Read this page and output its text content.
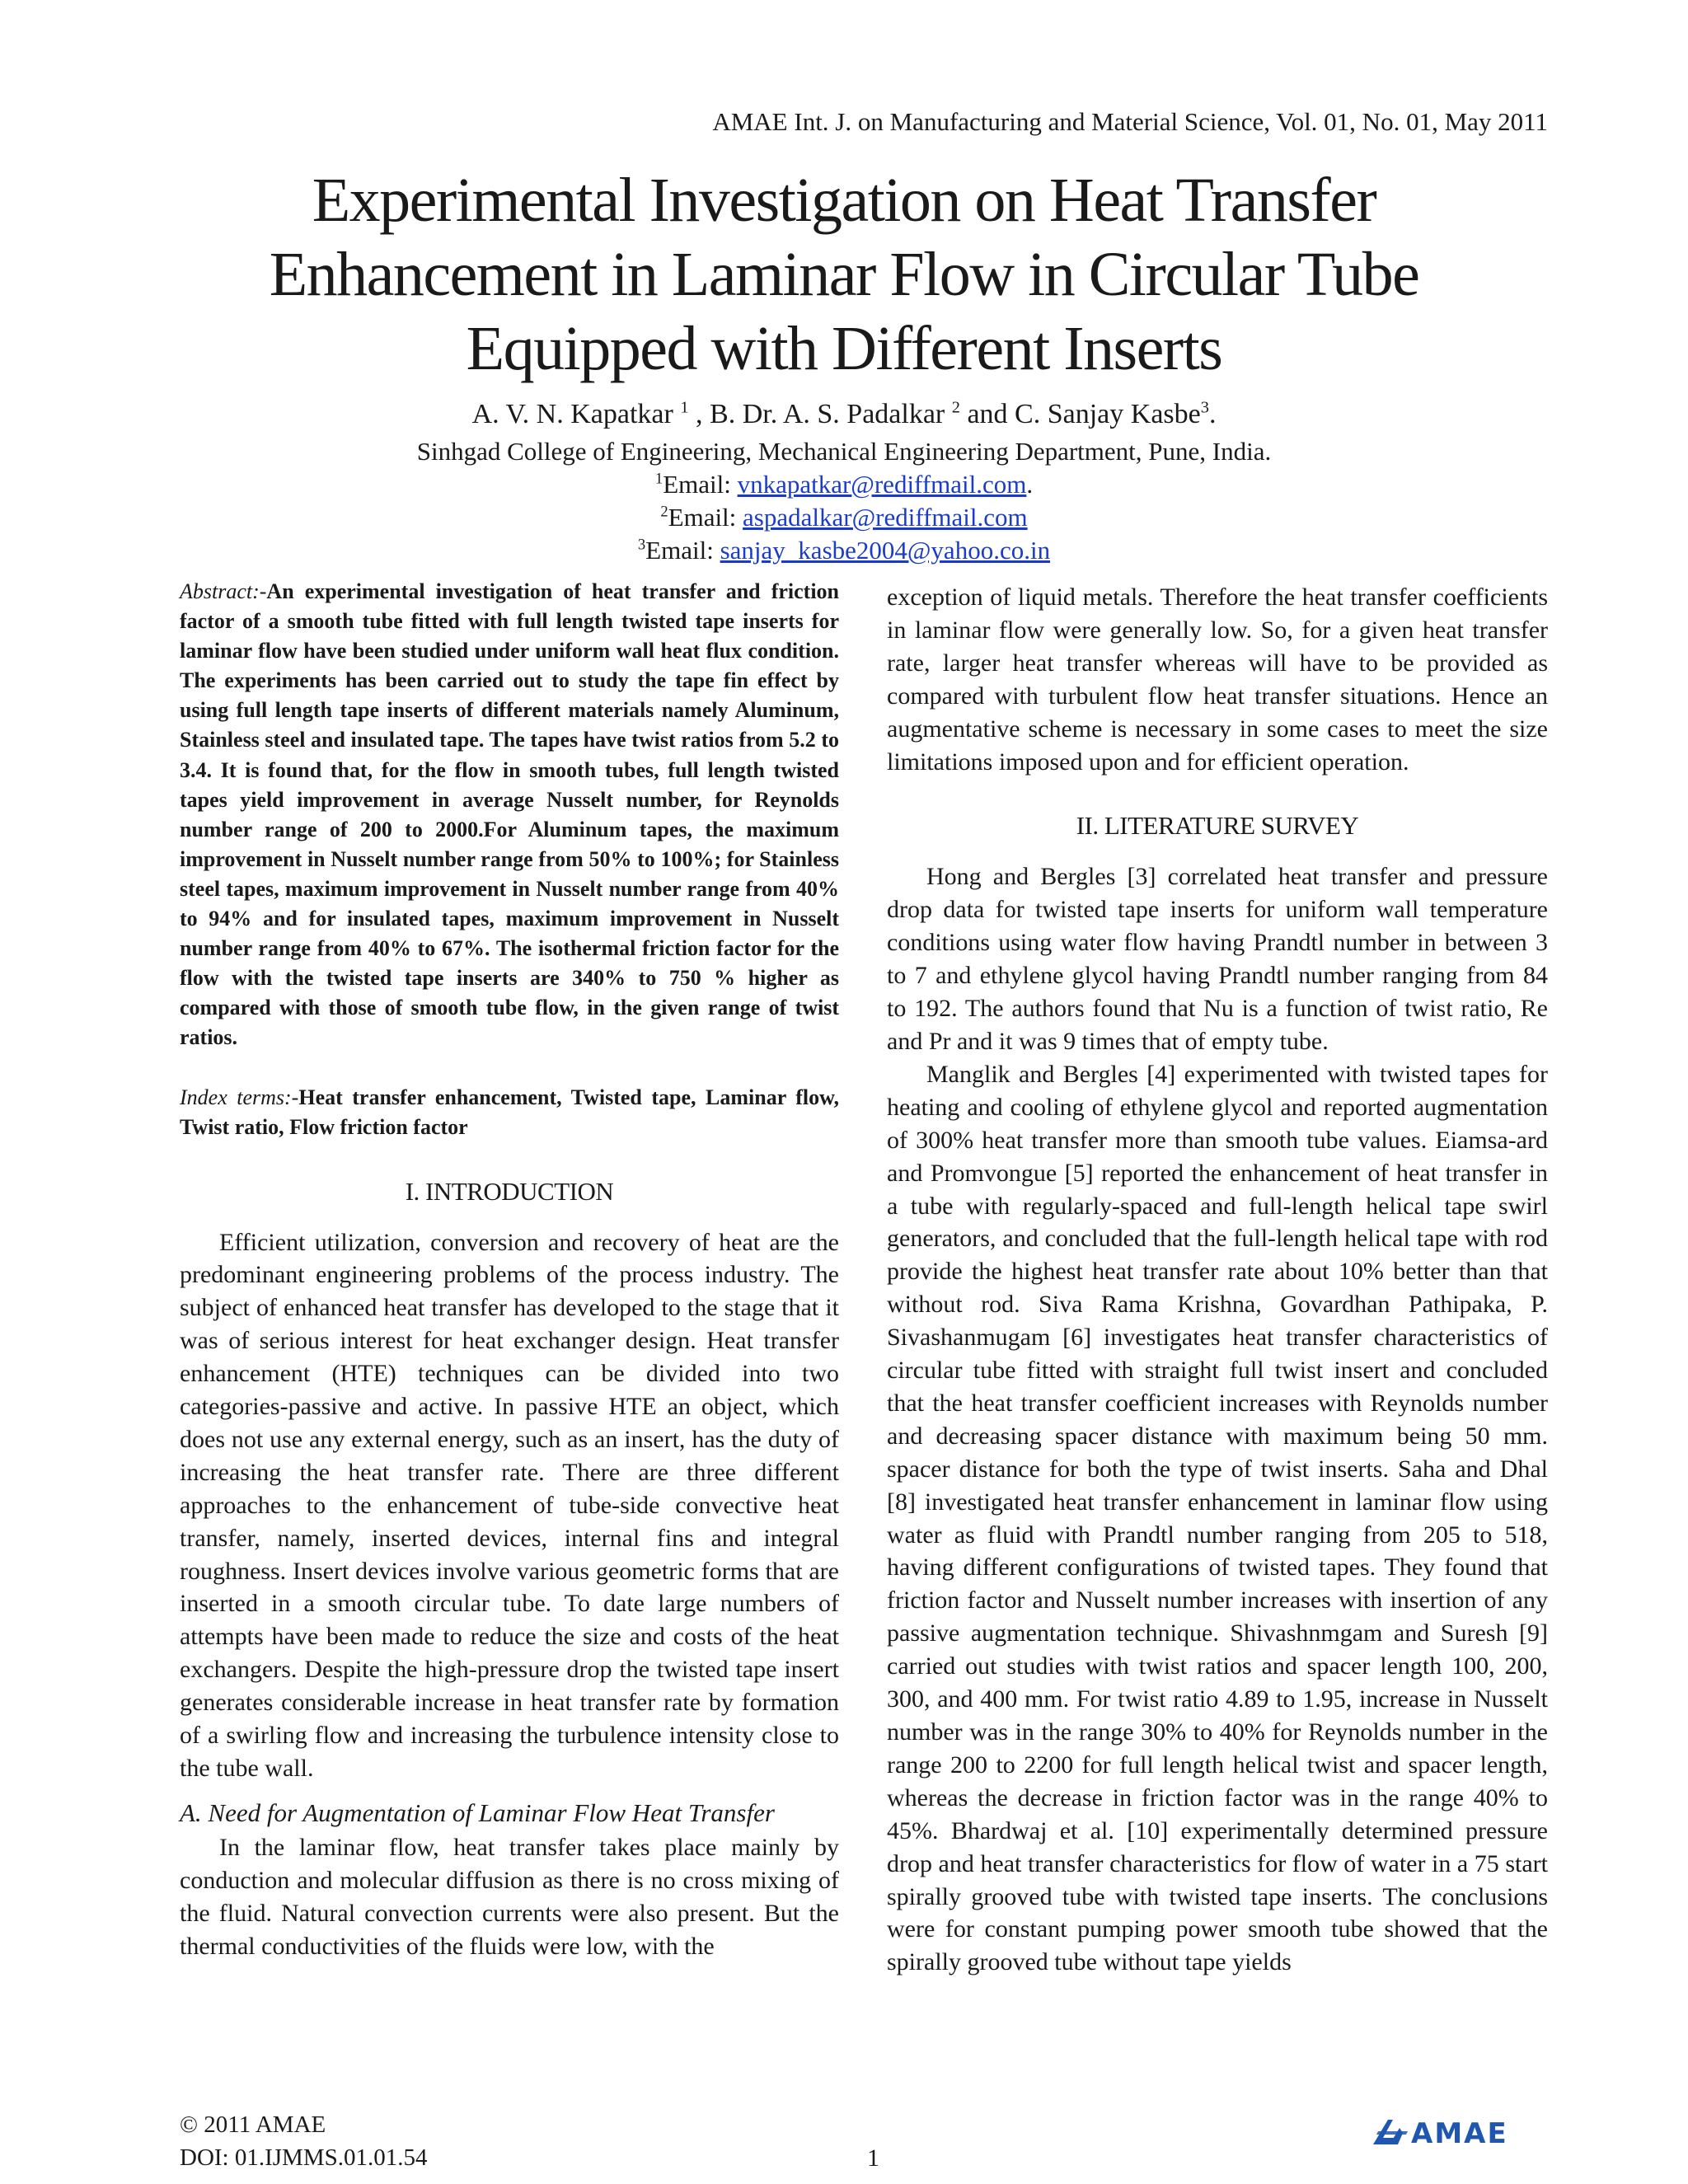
AMAE Int. J. on Manufacturing and Material Science, Vol. 01, No. 01, May 2011
Experimental Investigation on Heat Transfer
Enhancement in Laminar Flow in Circular Tube
Equipped with Different Inserts
A. V. N. Kapatkar $^1$ , B. Dr. A. S. Padalkar $^2$ and C. Sanjay Kasbe$^3$.
Sinhgad College of Engineering, Mechanical Engineering Department, Pune, India.
$^1$Email: vnkapatkar@rediffmail.com.
$^2$Email: aspadalkar@rediffmail.com
$^3$Email: sanjay_kasbe2004@yahoo.co.in

Abstract:-An experimental investigation of heat transfer and friction factor of a smooth tube fitted with full length twisted tape inserts for laminar flow have been studied under uniform wall heat flux condition. The experiments has been carried out to study the tape fin effect by using full length tape inserts of different materials namely Aluminum, Stainless steel and insulated tape. The tapes have twist ratios from 5.2 to 3.4. It is found that, for the flow in smooth tubes, full length twisted tapes yield improvement in average Nusselt number, for Reynolds number range of 200 to 2000.For Aluminum tapes, the maximum improvement in Nusselt number range from 50% to 100%; for Stainless steel tapes, maximum improvement in Nusselt number range from 40% to 94% and for insulated tapes, maximum improvement in Nusselt number range from 40% to 67%. The isothermal friction factor for the flow with the twisted tape inserts are 340% to 750 % higher as compared with those of smooth tube flow, in the given range of twist ratios.

Index terms:-Heat transfer enhancement, Twisted tape, Laminar flow, Twist ratio, Flow friction factor

I. INTRODUCTION

Efficient utilization, conversion and recovery of heat are the predominant engineering problems of the process industry. The subject of enhanced heat transfer has developed to the stage that it was of serious interest for heat exchanger design. Heat transfer enhancement (HTE) techniques can be divided into two categories-passive and active. In passive HTE an object, which does not use any external energy, such as an insert, has the duty of increasing the heat transfer rate. There are three different approaches to the enhancement of tube-side convective heat transfer, namely, inserted devices, internal fins and integral roughness. Insert devices involve various geometric forms that are inserted in a smooth circular tube. To date large numbers of attempts have been made to reduce the size and costs of the heat exchangers. Despite the high-pressure drop the twisted tape insert generates considerable increase in heat transfer rate by formation of a swirling flow and increasing the turbulence intensity close to the tube wall.

A. Need for Augmentation of Laminar Flow Heat Transfer

In the laminar flow, heat transfer takes place mainly by conduction and molecular diffusion as there is no cross mixing of the fluid. Natural convection currents were also present. But the thermal conductivities of the fluids were low, with the

exception of liquid metals. Therefore the heat transfer coefficients in laminar flow were generally low. So, for a given heat transfer rate, larger heat transfer whereas will have to be provided as compared with turbulent flow heat transfer situations. Hence an augmentative scheme is necessary in some cases to meet the size limitations imposed upon and for efficient operation.

II. LITERATURE SURVEY

Hong and Bergles [3] correlated heat transfer and pressure drop data for twisted tape inserts for uniform wall temperature conditions using water flow having Prandtl number in between 3 to 7 and ethylene glycol having Prandtl number ranging from 84 to 192. The authors found that Nu is a function of twist ratio, Re and Pr and it was 9 times that of empty tube.

Manglik and Bergles [4] experimented with twisted tapes for heating and cooling of ethylene glycol and reported augmentation of 300% heat transfer more than smooth tube values. Eiamsa-ard and Promvongue [5] reported the enhancement of heat transfer in a tube with regularly-spaced and full-length helical tape swirl generators, and concluded that the full-length helical tape with rod provide the highest heat transfer rate about 10% better than that without rod. Siva Rama Krishna, Govardhan Pathipaka, P. Sivashanmugam [6] investigates heat transfer characteristics of circular tube fitted with straight full twist insert and concluded that the heat transfer coefficient increases with Reynolds number and decreasing spacer distance with maximum being 50 mm. spacer distance for both the type of twist inserts. Saha and Dhal [8] investigated heat transfer enhancement in laminar flow using water as fluid with Prandtl number ranging from 205 to 518, having different configurations of twisted tapes. They found that friction factor and Nusselt number increases with insertion of any passive augmentation technique. Shivashnmgam and Suresh [9] carried out studies with twist ratios and spacer length 100, 200, 300, and 400 mm. For twist ratio 4.89 to 1.95, increase in Nusselt number was in the range 30% to 40% for Reynolds number in the range 200 to 2200 for full length helical twist and spacer length, whereas the decrease in friction factor was in the range 40% to 45%. Bhardwaj et al. [10] experimentally determined pressure drop and heat transfer characteristics for flow of water in a 75 start spirally grooved tube with twisted tape inserts. The conclusions were for constant pumping power smooth tube showed that the spirally grooved tube without tape yields

© 2011 AMAE
DOI: 01.IJMMS.01.01.54	1
AMAE
